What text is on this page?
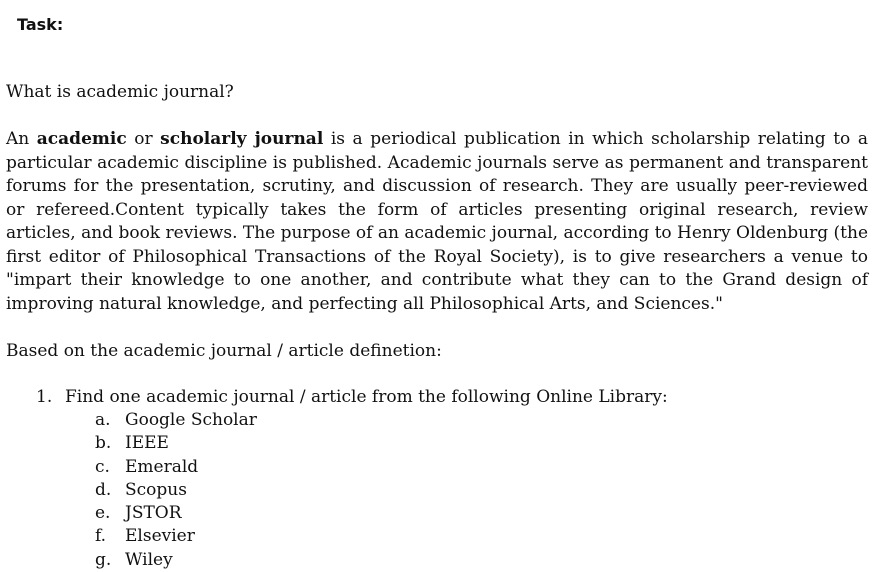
Task:
What is academic journal?

An academic or scholarly journal is a periodical publication in which scholarship relating to a particular academic discipline is published. Academic journals serve as permanent and transparent forums for the presentation, scrutiny, and discussion of research. They are usually peer-reviewed or refereed.Content typically takes the form of articles presenting original research, review articles, and book reviews. The purpose of an academic journal, according to Henry Oldenburg (the first editor of Philosophical Transactions of the Royal Society), is to give researchers a venue to "impart their knowledge to one another, and contribute what they can to the Grand design of improving natural knowledge, and perfecting all Philosophical Arts, and Sciences."

Based on the academic journal / article definetion:
1. Find one academic journal / article from the following Online Library:
a. Google Scholar
b. IEEE
c. Emerald
d. Scopus
e. JSTOR
f. Elsevier
g. Wiley
